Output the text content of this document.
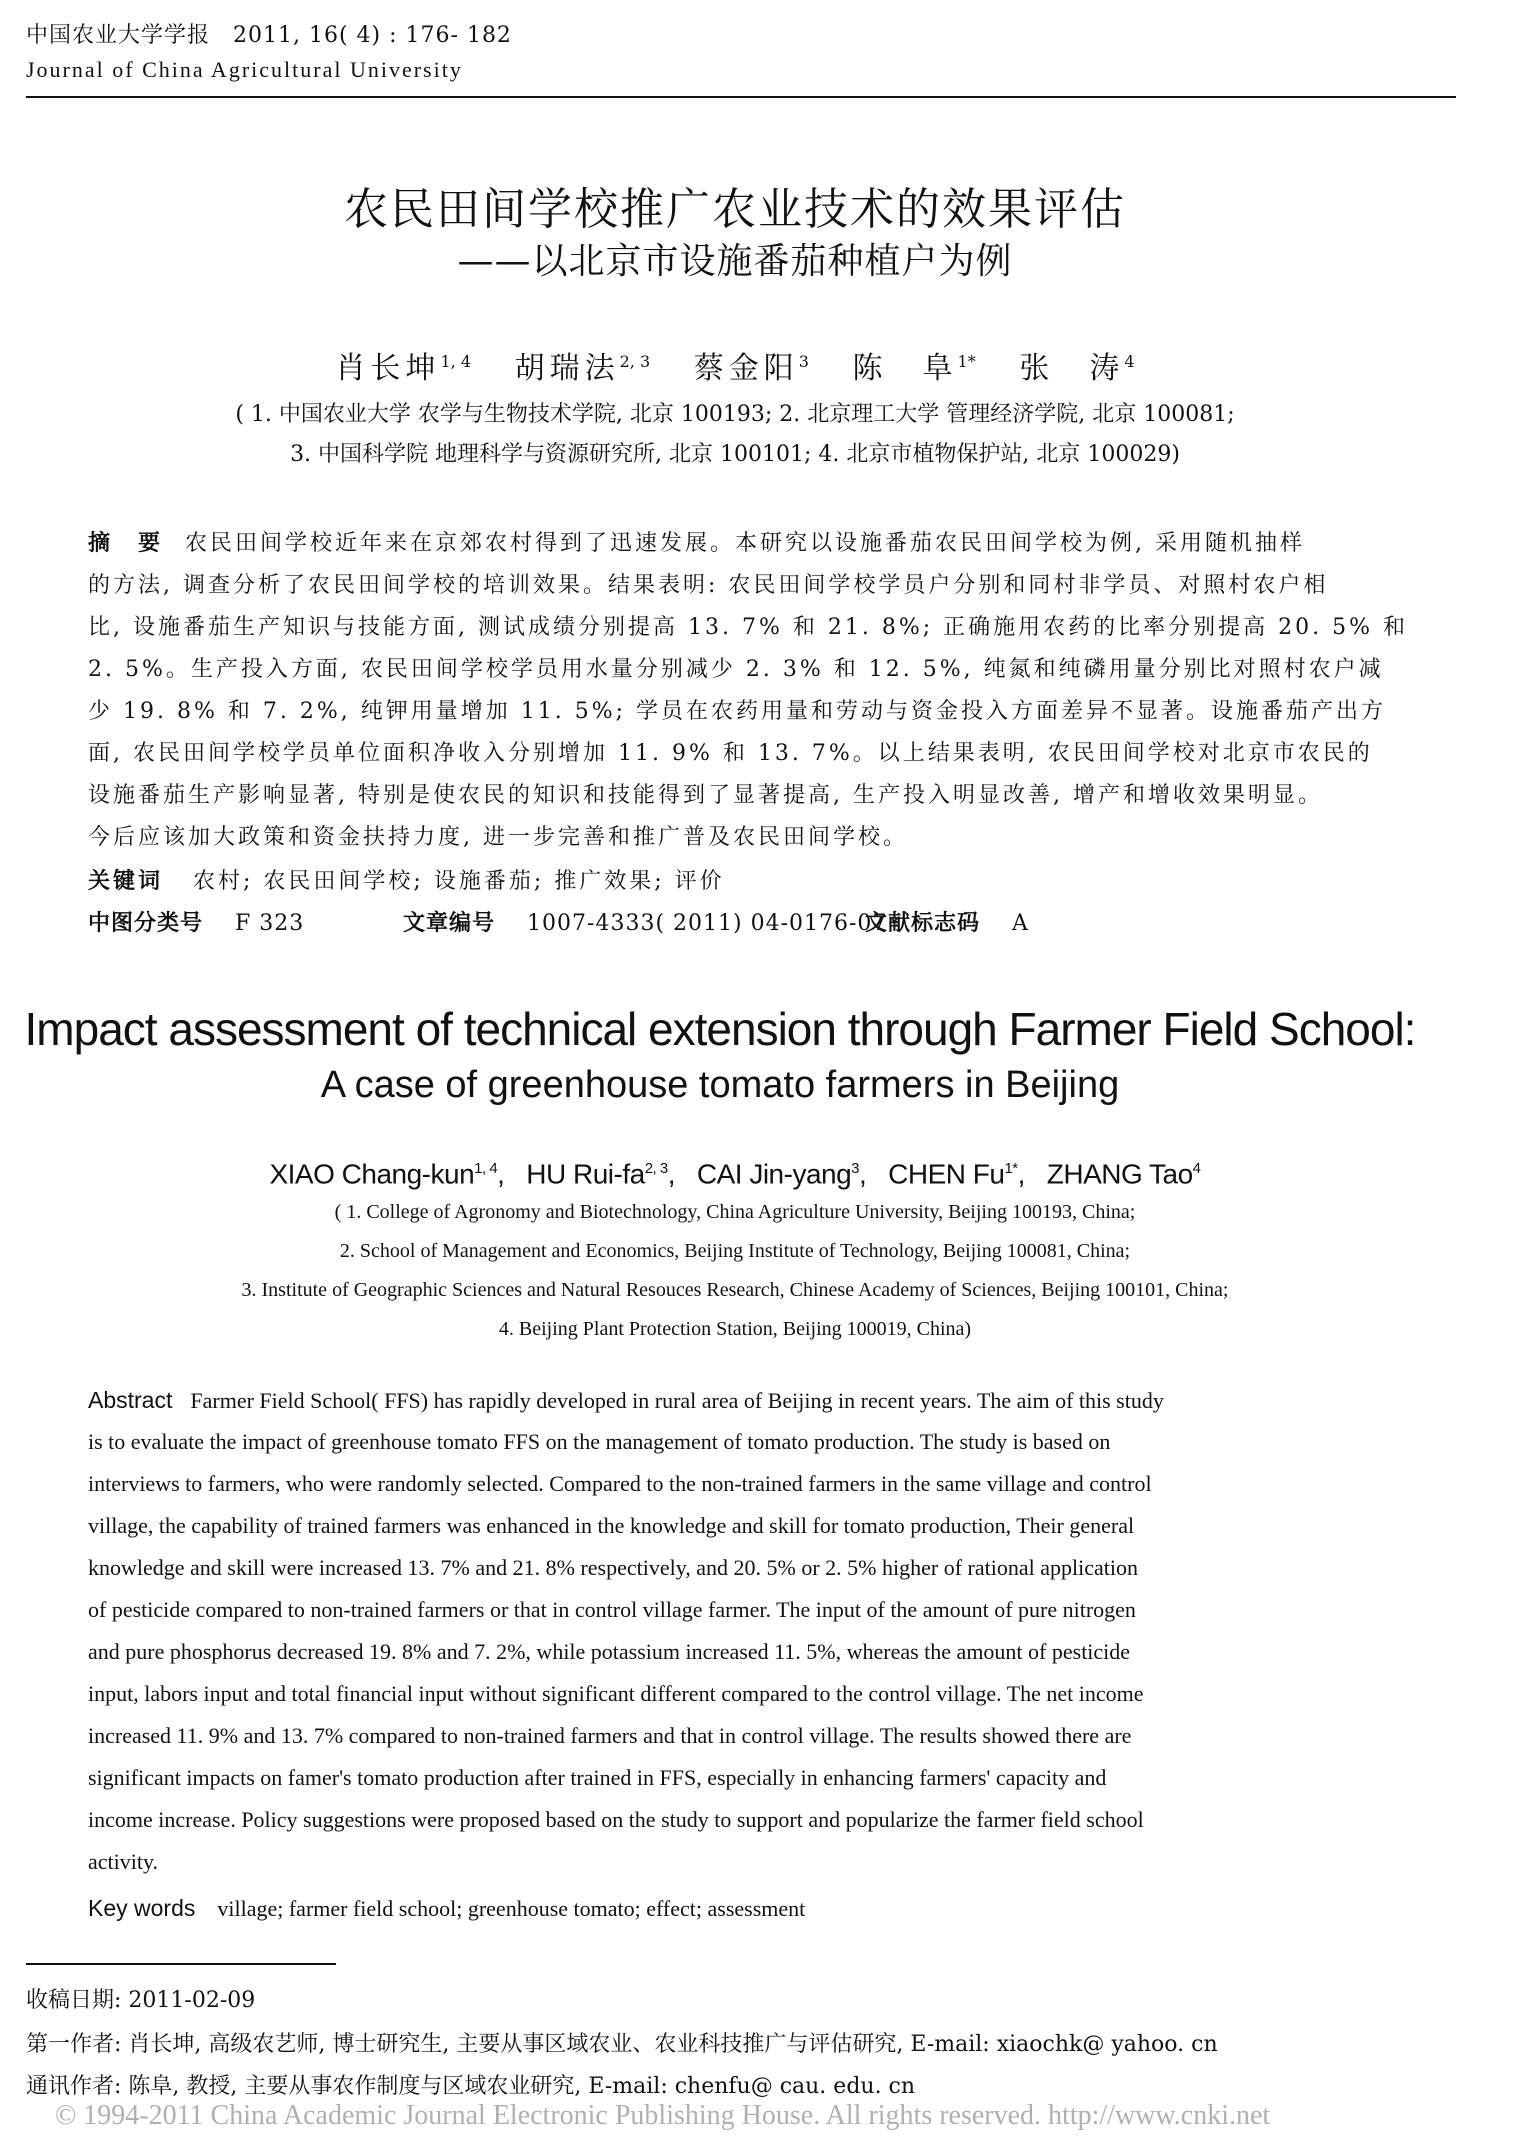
中国农业大学学报　2011, 16( 4) : 176- 182
Journal of China Agricultural University
农民田间学校推广农业技术的效果评估
——以北京市设施番茄种植户为例
肖长坤$^{1, 4}$ 胡瑞法$^{2, 3}$ 蔡金阳$^3$ 陈　阜$^{1*}$ 张　涛$^4$
( 1. 中国农业大学 农学与生物技术学院, 北京 100193; 2. 北京理工大学 管理经济学院, 北京 100081;
3. 中国科学院 地理科学与资源研究所, 北京 100101; 4. 北京市植物保护站, 北京 100029)
摘　要 农民田间学校近年来在京郊农村得到了迅速发展。本研究以设施番茄农民田间学校为例, 采用随机抽样
的方法, 调查分析了农民田间学校的培训效果。结果表明: 农民田间学校学员户分别和同村非学员、对照村农户相
比, 设施番茄生产知识与技能方面, 测试成绩分别提高 13. 7% 和 21. 8%; 正确施用农药的比率分别提高 20. 5% 和
2. 5%。生产投入方面, 农民田间学校学员用水量分别减少 2. 3% 和 12. 5%, 纯氮和纯磷用量分别比对照村农户减
少 19. 8% 和 7. 2%, 纯钾用量增加 11. 5%; 学员在农药用量和劳动与资金投入方面差异不显著。设施番茄产出方
面, 农民田间学校学员单位面积净收入分别增加 11. 9% 和 13. 7%。以上结果表明, 农民田间学校对北京市农民的
设施番茄生产影响显著, 特别是使农民的知识和技能得到了显著提高, 生产投入明显改善, 增产和增收效果明显。
今后应该加大政策和资金扶持力度, 进一步完善和推广普及农民田间学校。
关键词 农村; 农民田间学校; 设施番茄; 推广效果; 评价
中图分类号 F 323	文章编号 1007-4333( 2011) 04-0176-07 文献标志码 A
Impact assessment of technical extension through Farmer Field School:
A case of greenhouse tomato farmers in Beijing
XIAO Chang-kun$^{1, 4}$,   HU Rui-fa$^{2, 3}$,   CAI Jin-yang$^3$,   CHEN $Fu^{1*}$,   ZHANG Tao$^4$
( 1. College of Agronomy and Biotechnology, China Agriculture University, Beijing 100193, China;
2. School of Management and Economics, Beijing Institute of Technology, Beijing 100081, China;
3. Institute of Geographic Sciences and Natural Resouces Research, Chinese Academy of Sciences, Beijing 100101, China;
4. Beijing Plant Protection Station, Beijing 100019, China)
Abstract Farmer Field School( FFS) has rapidly developed in rural area of Beijing in recent years. The aim of this study
is to evaluate the impact of greenhouse tomato FFS on the management of tomato production. The study is based on
interviews to farmers, who were randomly selected. Compared to the non-trained farmers in the same village and control
village, the capability of trained farmers was enhanced in the knowledge and skill for tomato production, Their general
knowledge and skill were increased 13. 7% and 21. 8% respectively, and 20. 5% or 2. 5% higher of rational application
of pesticide compared to non-trained farmers or that in control village farmer. The input of the amount of pure nitrogen
and pure phosphorus decreased 19. 8% and 7. 2%, while potassium increased 11. 5%, whereas the amount of pesticide
input, labors input and total financial input without significant different compared to the control village. The net income
increased 11. 9% and 13. 7% compared to non-trained farmers and that in control village. The results showed there are
significant impacts on famer's tomato production after trained in FFS, especially in enhancing farmers' capacity and
income increase. Policy suggestions were proposed based on the study to support and popularize the farmer field school
activity.
Key words village; farmer field school; greenhouse tomato; effect; assessment
收稿日期: 2011-02-09
第一作者: 肖长坤, 高级农艺师, 博士研究生, 主要从事区域农业、农业科技推广与评估研究, E-mail: xiaochk@ yahoo. cn
通讯作者: 陈阜, 教授, 主要从事农作制度与区域农业研究, E-mail: chenfu@ cau. edu. cn
© 1994-2011 China Academic Journal Electronic Publishing House. All rights reserved. http://www.cnki.net
